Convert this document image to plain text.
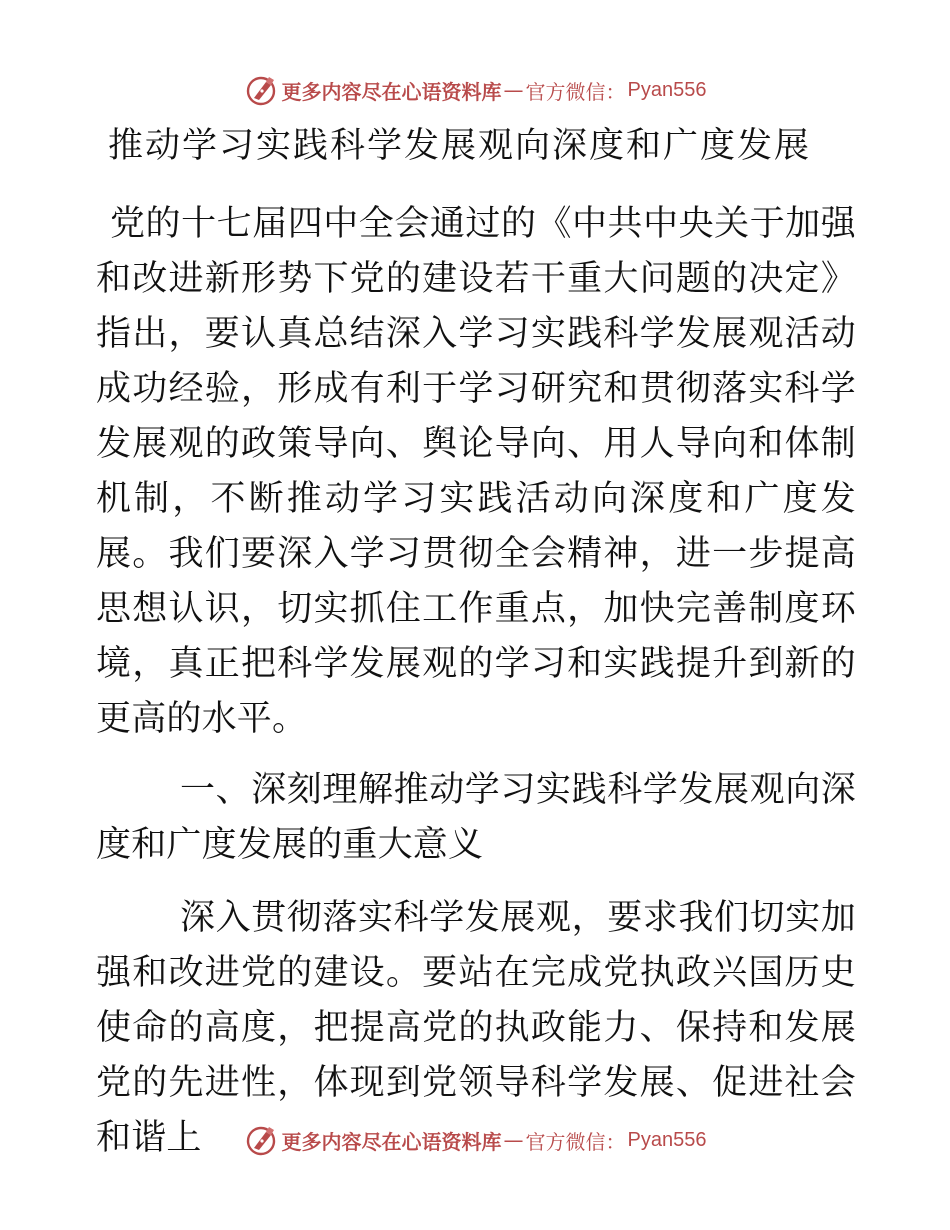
更多内容尽在心语资料库 — 官方微信： Pyan556
推动学习实践科学发展观向深度和广度发展

党的十七届四中全会通过的《中共中央关于加强和改进新形势下党的建设若干重大问题的决定》指出，要认真总结深入学习实践科学发展观活动成功经验，形成有利于学习研究和贯彻落实科学发展观的政策导向、舆论导向、用人导向和体制机制，不断推动学习实践活动向深度和广度发展。我们要深入学习贯彻全会精神，进一步提高思想认识，切实抓住工作重点，加快完善制度环境，真正把科学发展观的学习和实践提升到新的更高的水平。

一、深刻理解推动学习实践科学发展观向深度和广度发展的重大意义

深入贯彻落实科学发展观，要求我们切实加强和改进党的建设。要站在完成党执政兴国历史使命的高度，把提高党的执政能力、保持和发展党的先进性，体现到党领导科学发展、促进社会和谐上	更多内容尽在心语资料库 — 官方微信： Pyan556
